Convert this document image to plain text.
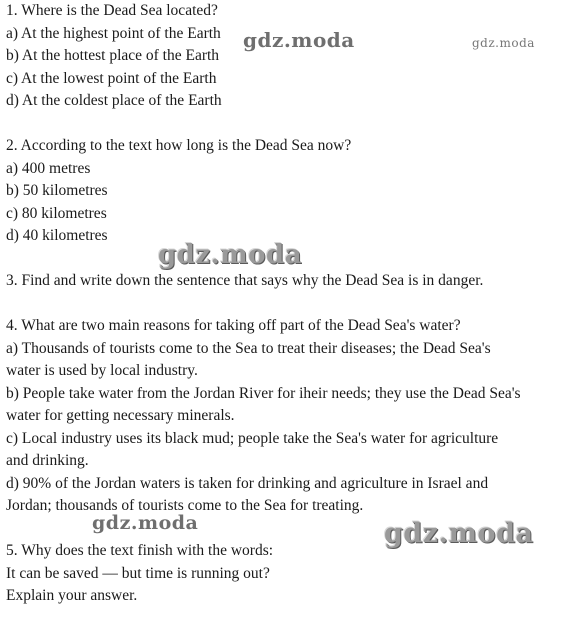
1. Where is the Dead Sea located?
a) At the highest point of the Earth
b) At the hottest place of the Earth
c) At the lowest point of the Earth
d) At the coldest place of the Earth
2. According to the text how long is the Dead Sea now?
a) 400 metres
b) 50 kilometres
c) 80 kilometres
d) 40 kilometres
3. Find and write down the sentence that says why the Dead Sea is in danger.
4. What are two main reasons for taking off part of the Dead Sea's water?
a) Thousands of tourists come to the Sea to treat their diseases; the Dead Sea's
water is used by local industry.
b) People take water from the Jordan River for iheir needs; they use the Dead Sea's
water for getting necessary minerals.
c) Local industry uses its black mud; people take the Sea's water for agriculture
and drinking.
d) 90% of the Jordan waters is taken for drinking and agriculture in Israel and
Jordan; thousands of tourists come to the Sea for treating.
5. Why does the text finish with the words:
It can be saved — but time is running out?
Explain your answer.
gdz.moda	gdz.moda
gdz.moda
gdz.moda	gdz.moda
